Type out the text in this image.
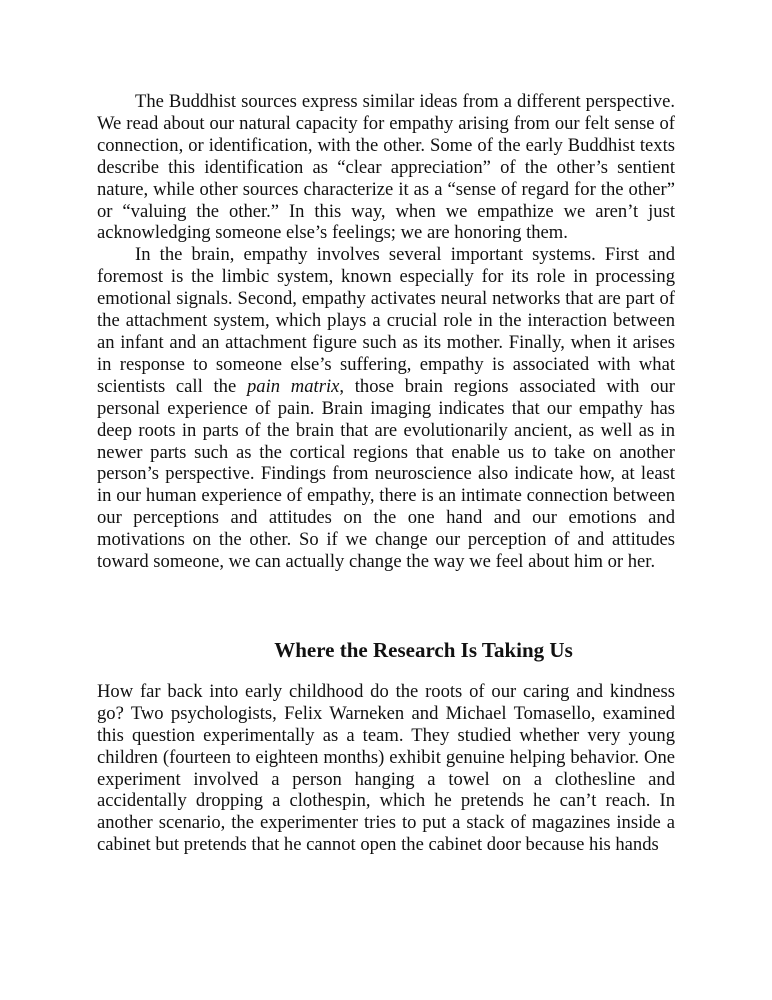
The Buddhist sources express similar ideas from a different perspective. We read about our natural capacity for empathy arising from our felt sense of connection, or identification, with the other. Some of the early Buddhist texts describe this identification as “clear appreciation” of the other’s sentient nature, while other sources characterize it as a “sense of regard for the other” or “valuing the other.” In this way, when we empathize we aren’t just acknowledging someone else’s feelings; we are honoring them.

In the brain, empathy involves several important systems. First and foremost is the limbic system, known especially for its role in processing emotional signals. Second, empathy activates neural networks that are part of the attachment system, which plays a crucial role in the interaction between an infant and an attachment figure such as its mother. Finally, when it arises in response to someone else’s suffering, empathy is associated with what scientists call the pain matrix, those brain regions associated with our personal experience of pain. Brain imaging indicates that our empathy has deep roots in parts of the brain that are evolutionarily ancient, as well as in newer parts such as the cortical regions that enable us to take on another person’s perspective. Findings from neuroscience also indicate how, at least in our human experience of empathy, there is an intimate connection between our perceptions and attitudes on the one hand and our emotions and motivations on the other. So if we change our perception of and attitudes toward someone, we can actually change the way we feel about him or her.

Where the Research Is Taking Us

How far back into early childhood do the roots of our caring and kindness go? Two psychologists, Felix Warneken and Michael Tomasello, examined this question experimentally as a team. They studied whether very young children (fourteen to eighteen months) exhibit genuine helping behavior. One experiment involved a person hanging a towel on a clothesline and accidentally dropping a clothespin, which he pretends he can’t reach. In another scenario, the experimenter tries to put a stack of magazines inside a cabinet but pretends that he cannot open the cabinet door because his hands
